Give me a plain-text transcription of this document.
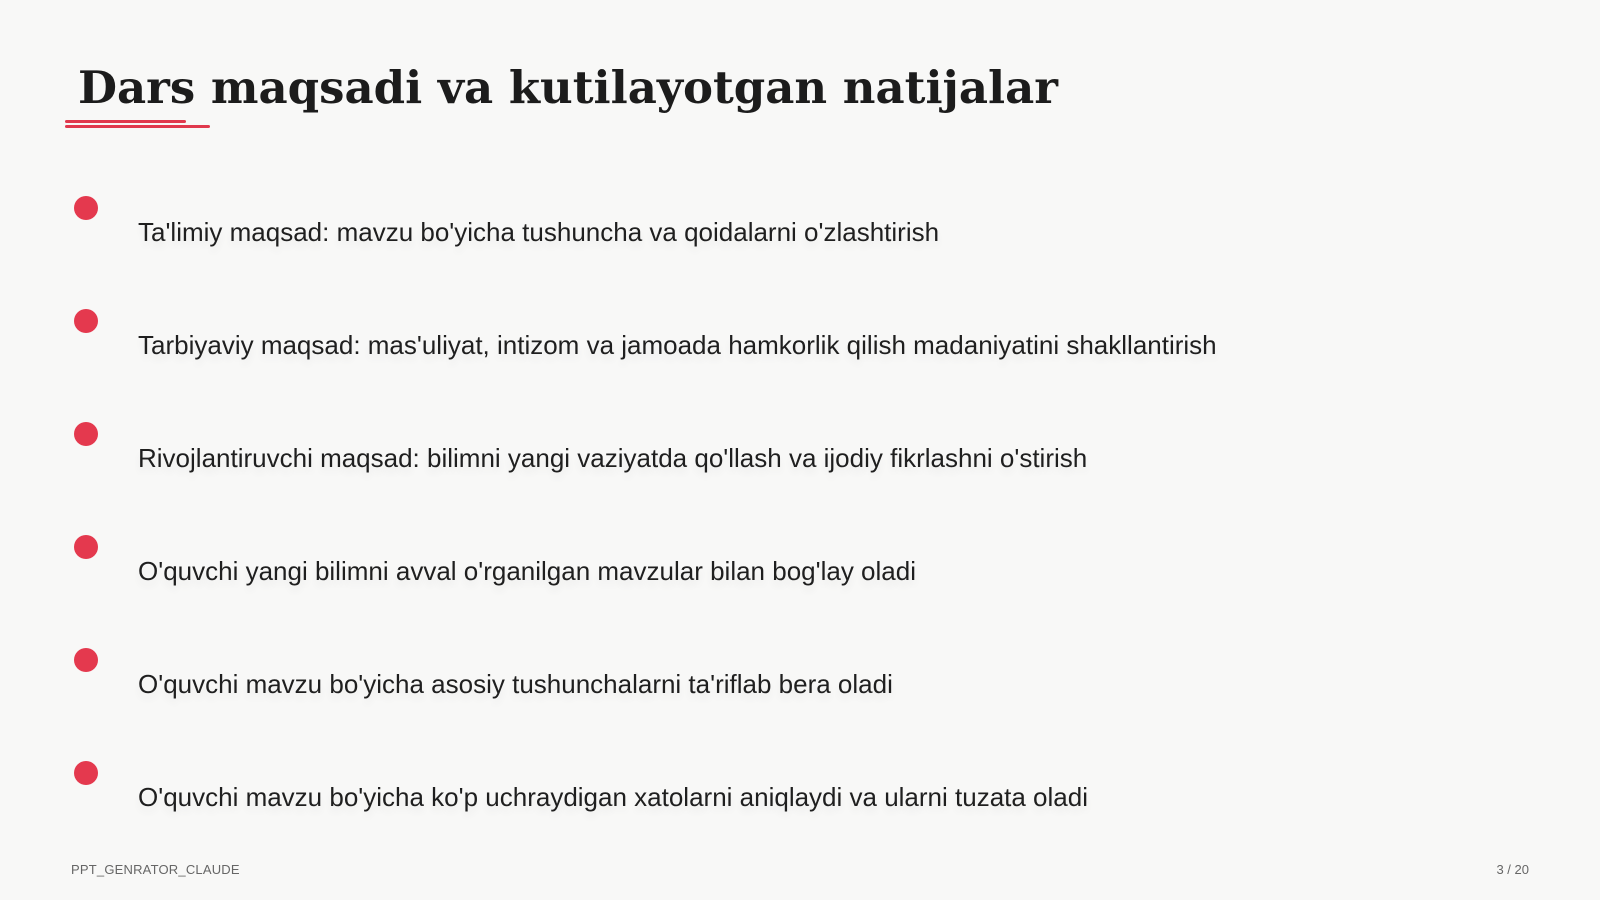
Dars maqsadi va kutilayotgan natijalar
Ta'limiy maqsad: mavzu bo'yicha tushuncha va qoidalarni o'zlashtirish
Tarbiyaviy maqsad: mas'uliyat, intizom va jamoada hamkorlik qilish madaniyatini shakllantirish
Rivojlantiruvchi maqsad: bilimni yangi vaziyatda qo'llash va ijodiy fikrlashni o'stirish
O'quvchi yangi bilimni avval o'rganilgan mavzular bilan bog'lay oladi
O'quvchi mavzu bo'yicha asosiy tushunchalarni ta'riflab bera oladi
O'quvchi mavzu bo'yicha ko'p uchraydigan xatolarni aniqlaydi va ularni tuzata oladi
PPT_GENRATOR_CLAUDE	3 / 20
